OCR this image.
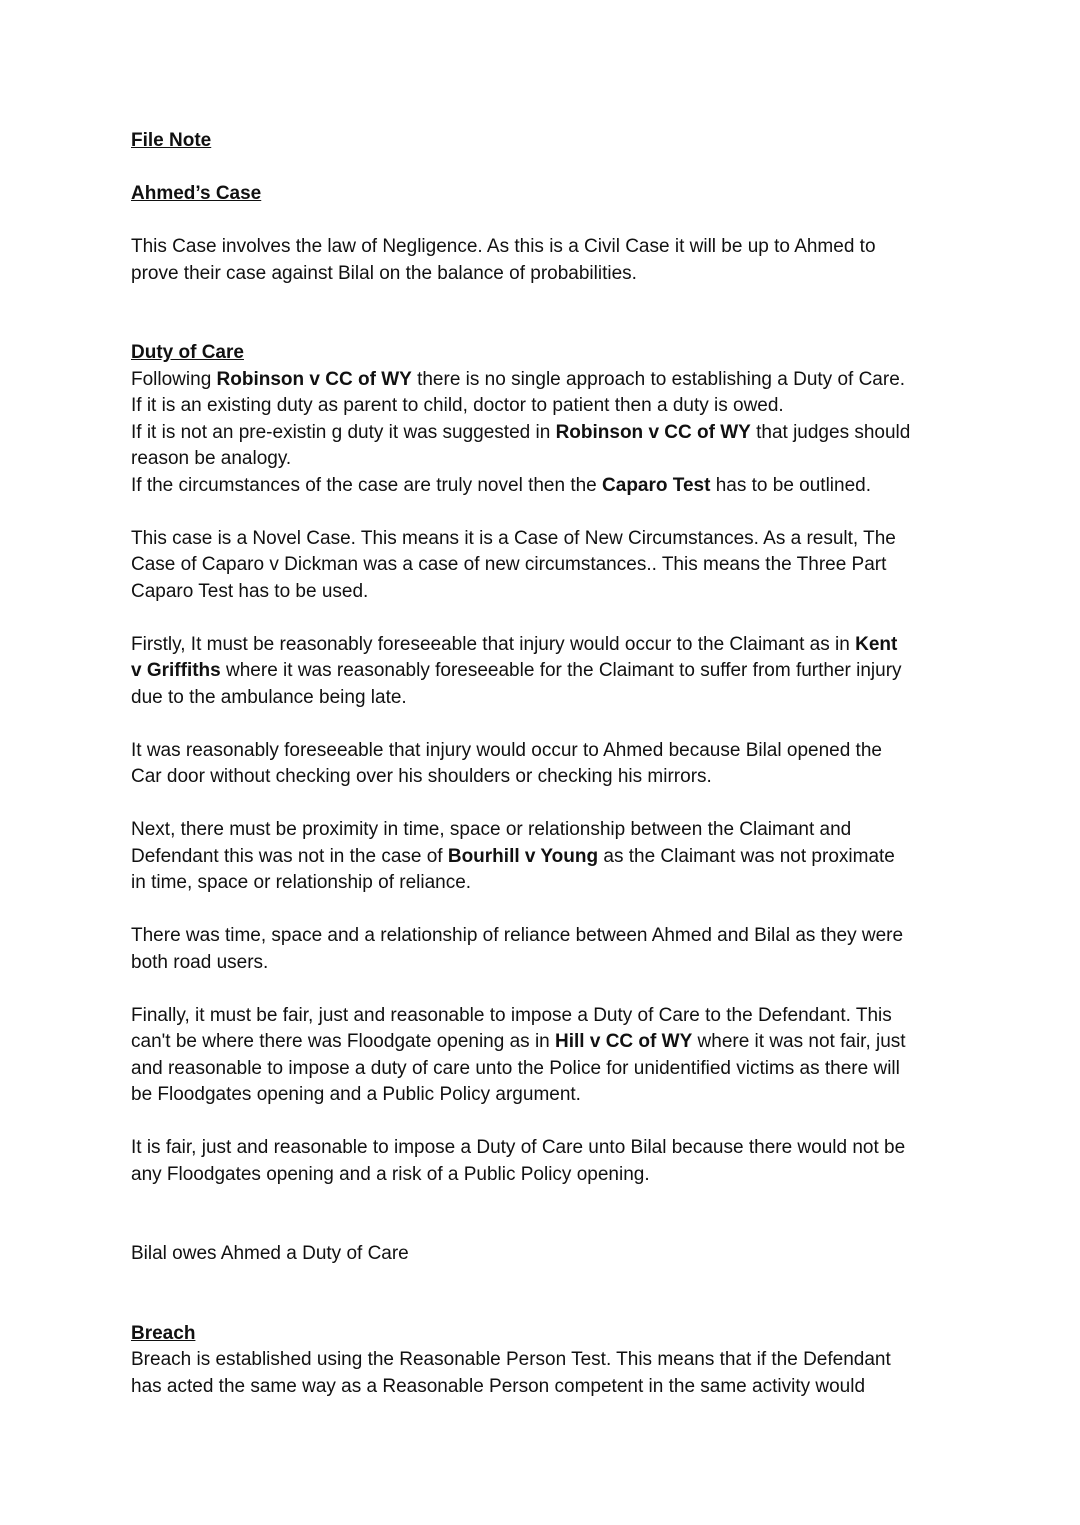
File Note
Ahmed’s Case
This Case involves the law of Negligence. As this is a Civil Case it will be up to Ahmed to
prove their case against Bilal on the balance of probabilities.
Duty of Care
Following Robinson v CC of WY there is no single approach to establishing a Duty of Care.
If it is an existing duty as parent to child, doctor to patient then a duty is owed.
If it is not an pre-existin g duty it was suggested in Robinson v CC of WY that judges should
reason be analogy.
If the circumstances of the case are truly novel then the Caparo Test has to be outlined.
This case is a Novel Case. This means it is a Case of New Circumstances. As a result, The
Case of Caparo v Dickman was a case of new circumstances.. This means the Three Part
Caparo Test has to be used.
Firstly, It must be reasonably foreseeable that injury would occur to the Claimant as in Kent
v Griffiths where it was reasonably foreseeable for the Claimant to suffer from further injury
due to the ambulance being late.
It was reasonably foreseeable that injury would occur to Ahmed because Bilal opened the
Car door without checking over his shoulders or checking his mirrors.
Next, there must be proximity in time, space or relationship between the Claimant and
Defendant this was not in the case of Bourhill v Young as the Claimant was not proximate
in time, space or relationship of reliance.
There was time, space and a relationship of reliance between Ahmed and Bilal as they were
both road users.
Finally, it must be fair, just and reasonable to impose a Duty of Care to the Defendant. This
can't be where there was Floodgate opening as in Hill v CC of WY where it was not fair, just
and reasonable to impose a duty of care unto the Police for unidentified victims as there will
be Floodgates opening and a Public Policy argument.
It is fair, just and reasonable to impose a Duty of Care unto Bilal because there would not be
any Floodgates opening and a risk of a Public Policy opening.
Bilal owes Ahmed a Duty of Care
Breach
Breach is established using the Reasonable Person Test. This means that if the Defendant
has acted the same way as a Reasonable Person competent in the same activity would
